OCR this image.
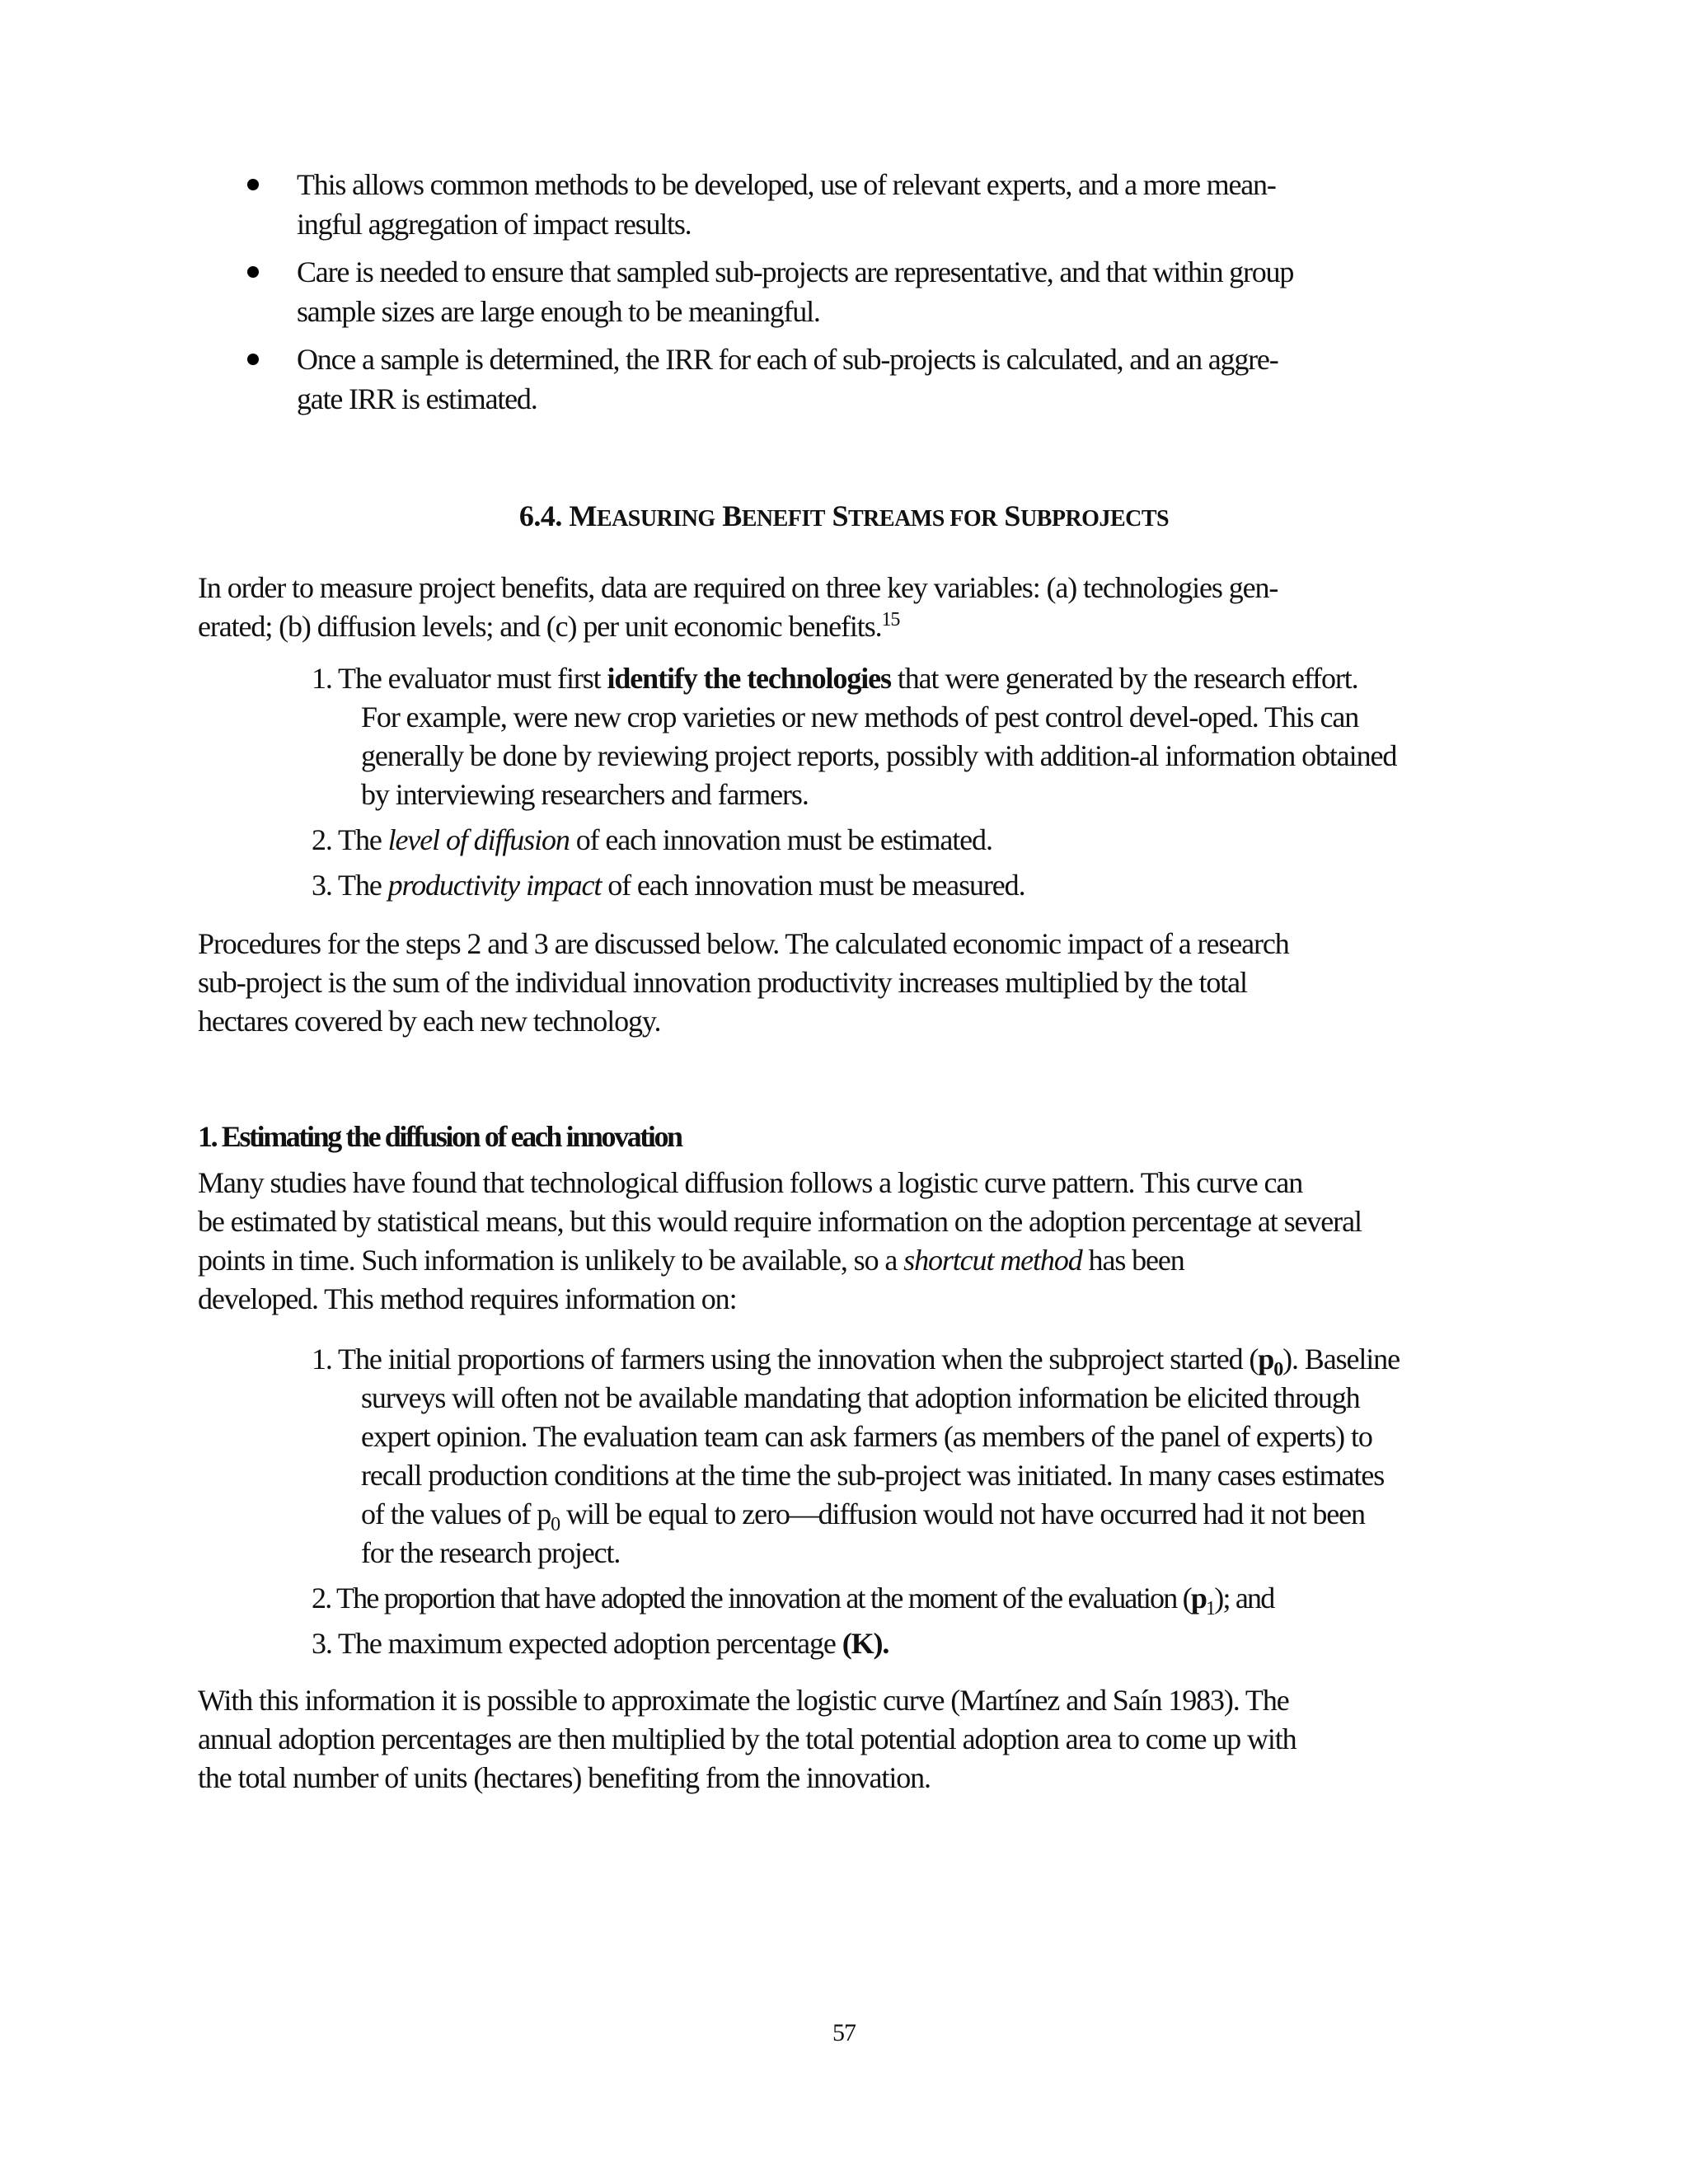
This allows common methods to be developed, use of relevant experts, and a more mean-
ingful aggregation of impact results.
Care is needed to ensure that sampled sub-projects are representative, and that within group
sample sizes are large enough to be meaningful.
Once a sample is determined, the IRR for each of sub-projects is calculated, and an aggre-
gate IRR is estimated.
6.4. MEASURING BENEFIT STREAMS FOR SUBPROJECTS

In order to measure project benefits, data are required on three key variables: (a) technologies gen-
erated; (b) diffusion levels; and (c) per unit economic benefits.$^{15}$

1. The evaluator must first identify the technologies that were generated by the research effort. For example, were new crop varieties or new methods of pest control devel-oped. This can generally be done by reviewing project reports, possibly with addition-al information obtained by interviewing researchers and farmers.
2. The level of diffusion of each innovation must be estimated.
3. The productivity impact of each innovation must be measured.

Procedures for the steps 2 and 3 are discussed below. The calculated economic impact of a research
sub-project is the sum of the individual innovation productivity increases multiplied by the total
hectares covered by each new technology.

1. Estimating the diffusion of each innovation

Many studies have found that technological diffusion follows a logistic curve pattern. This curve can
be estimated by statistical means, but this would require information on the adoption percentage at several
points in time. Such information is unlikely to be available, so a shortcut method has been
developed. This method requires information on:

1. The initial proportions of farmers using the innovation when the subproject started $(p_0)$. Baseline surveys will often not be available mandating that adoption information be elicited through expert opinion. The evaluation team can ask farmers (as members of the panel of experts) to recall production conditions at the time the sub-project was initiated. In many cases estimates of the values of $p_0$ will be equal to zero—diffusion would not have occurred had it not been for the research project.
2. The proportion that have adopted the innovation at the moment of the evaluation $(p_1)$; and
3. The maximum expected adoption percentage (K).

With this information it is possible to approximate the logistic curve (Martínez and Saín 1983). The
annual adoption percentages are then multiplied by the total potential adoption area to come up with
the total number of units (hectares) benefiting from the innovation.

57
